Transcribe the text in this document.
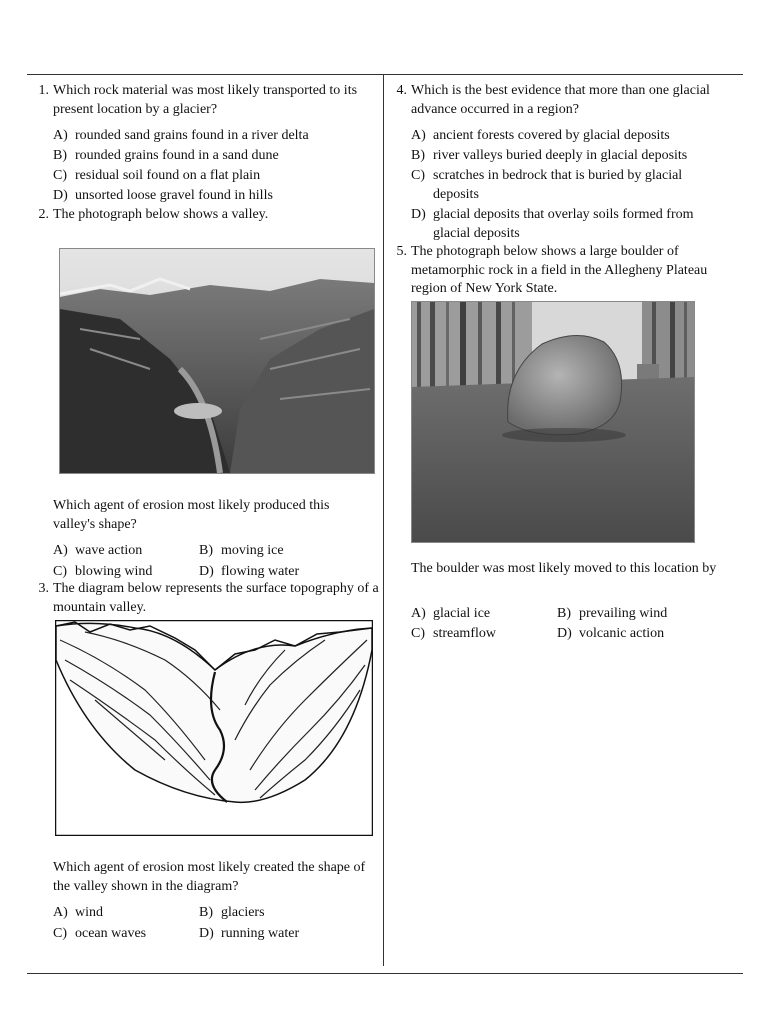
1. Which rock material was most likely transported to its present location by a glacier?
A) rounded sand grains found in a river delta
B) rounded grains found in a sand dune
C) residual soil found on a flat plain
D) unsorted loose gravel found in hills
2. The photograph below shows a valley.
Which agent of erosion most likely produced this valley's shape?
A) wave action	B) moving ice
C) blowing wind	D) flowing water
3. The diagram below represents the surface topography of a mountain valley.
Which agent of erosion most likely created the shape of the valley shown in the diagram?
A) wind	B) glaciers
C) ocean waves	D) running water
4. Which is the best evidence that more than one glacial advance occurred in a region?
A) ancient forests covered by glacial deposits
B) river valleys buried deeply in glacial deposits
C) scratches in bedrock that is buried by glacial deposits
D) glacial deposits that overlay soils formed from glacial deposits
5. The photograph below shows a large boulder of metamorphic rock in a field in the Allegheny Plateau region of New York State.
The boulder was most likely moved to this location by
A) glacial ice	B) prevailing wind
C) streamflow	D) volcanic action
